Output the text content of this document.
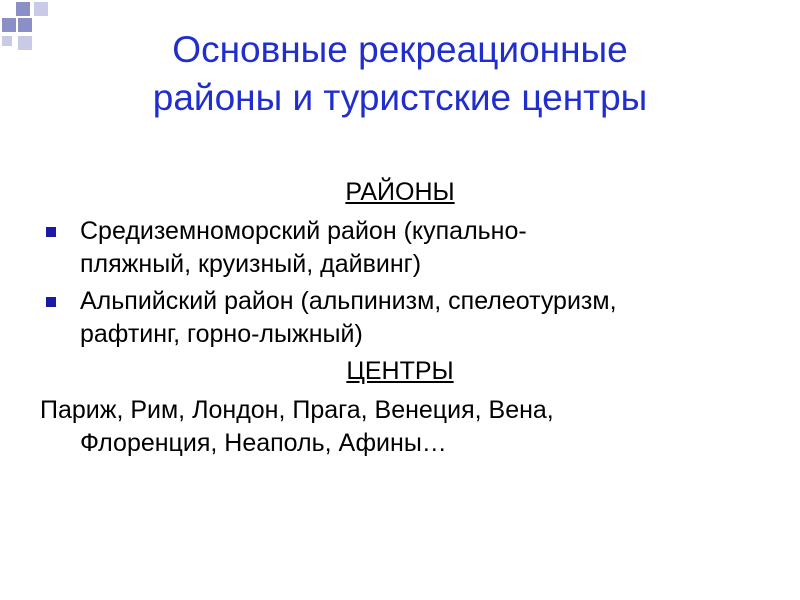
Основные рекреационные
районы и туристские центры
РАЙОНЫ
Средиземноморский район (купально-
пляжный, круизный, дайвинг)
Альпийский район (альпинизм, спелеотуризм,
рафтинг, горно-лыжный)
ЦЕНТРЫ
Париж, Рим, Лондон, Прага, Венеция, Вена,
Флоренция, Неаполь, Афины…
